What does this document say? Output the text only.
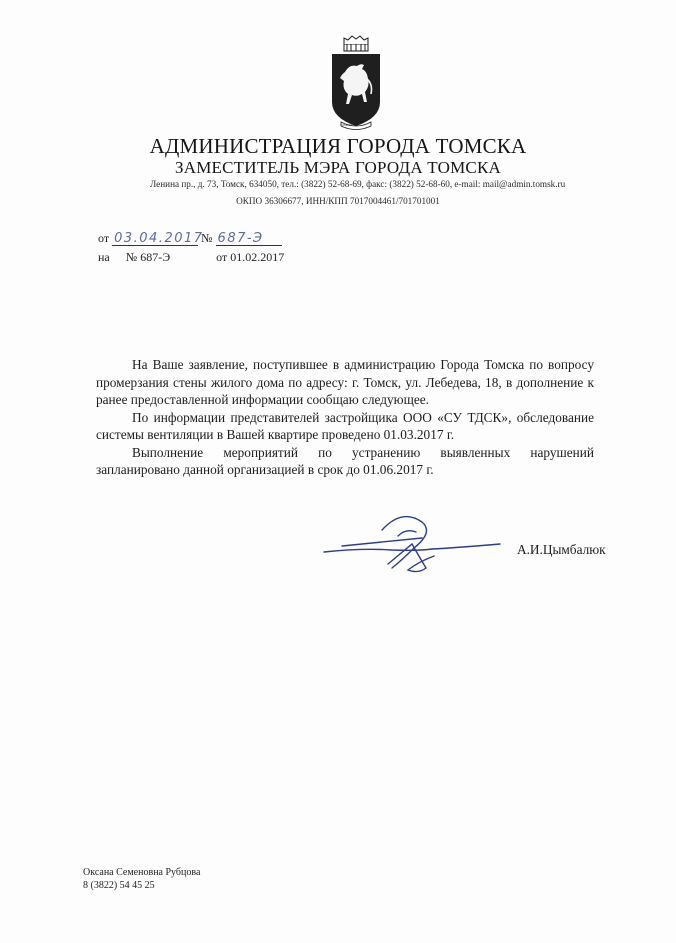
ТОМСКЪ
АДМИНИСТРАЦИЯ ГОРОДА ТОМСКА
ЗАМЕСТИТЕЛЬ МЭРА ГОРОДА ТОМСКА
Ленина пр., д. 73, Томск, 634050, тел.: (3822) 52-68-69, факс: (3822) 52-68-60, e-mail: mail@admin.tomsk.ru
ОКПО 36306677, ИНН/КПП 7017004461/701701001
от 03.04.2017 № 687-Э
на № 687-Э	от 01.02.2017

На Ваше заявление, поступившее в администрацию Города Томска по вопросу промерзания стены жилого дома по адресу: г. Томск, ул. Лебедева, 18, в дополнение к ранее предоставленной информации сообщаю следующее.

По информации представителей застройщика ООО «СУ ТДСК», обследование системы вентиляции в Вашей квартире проведено 01.03.2017 г.

Выполнение мероприятий по устранению выявленных нарушений запланировано данной организацией в срок до 01.06.2017 г.

А.И.Цымбалюк
Оксана Семеновна Рубцова
8 (3822) 54 45 25
